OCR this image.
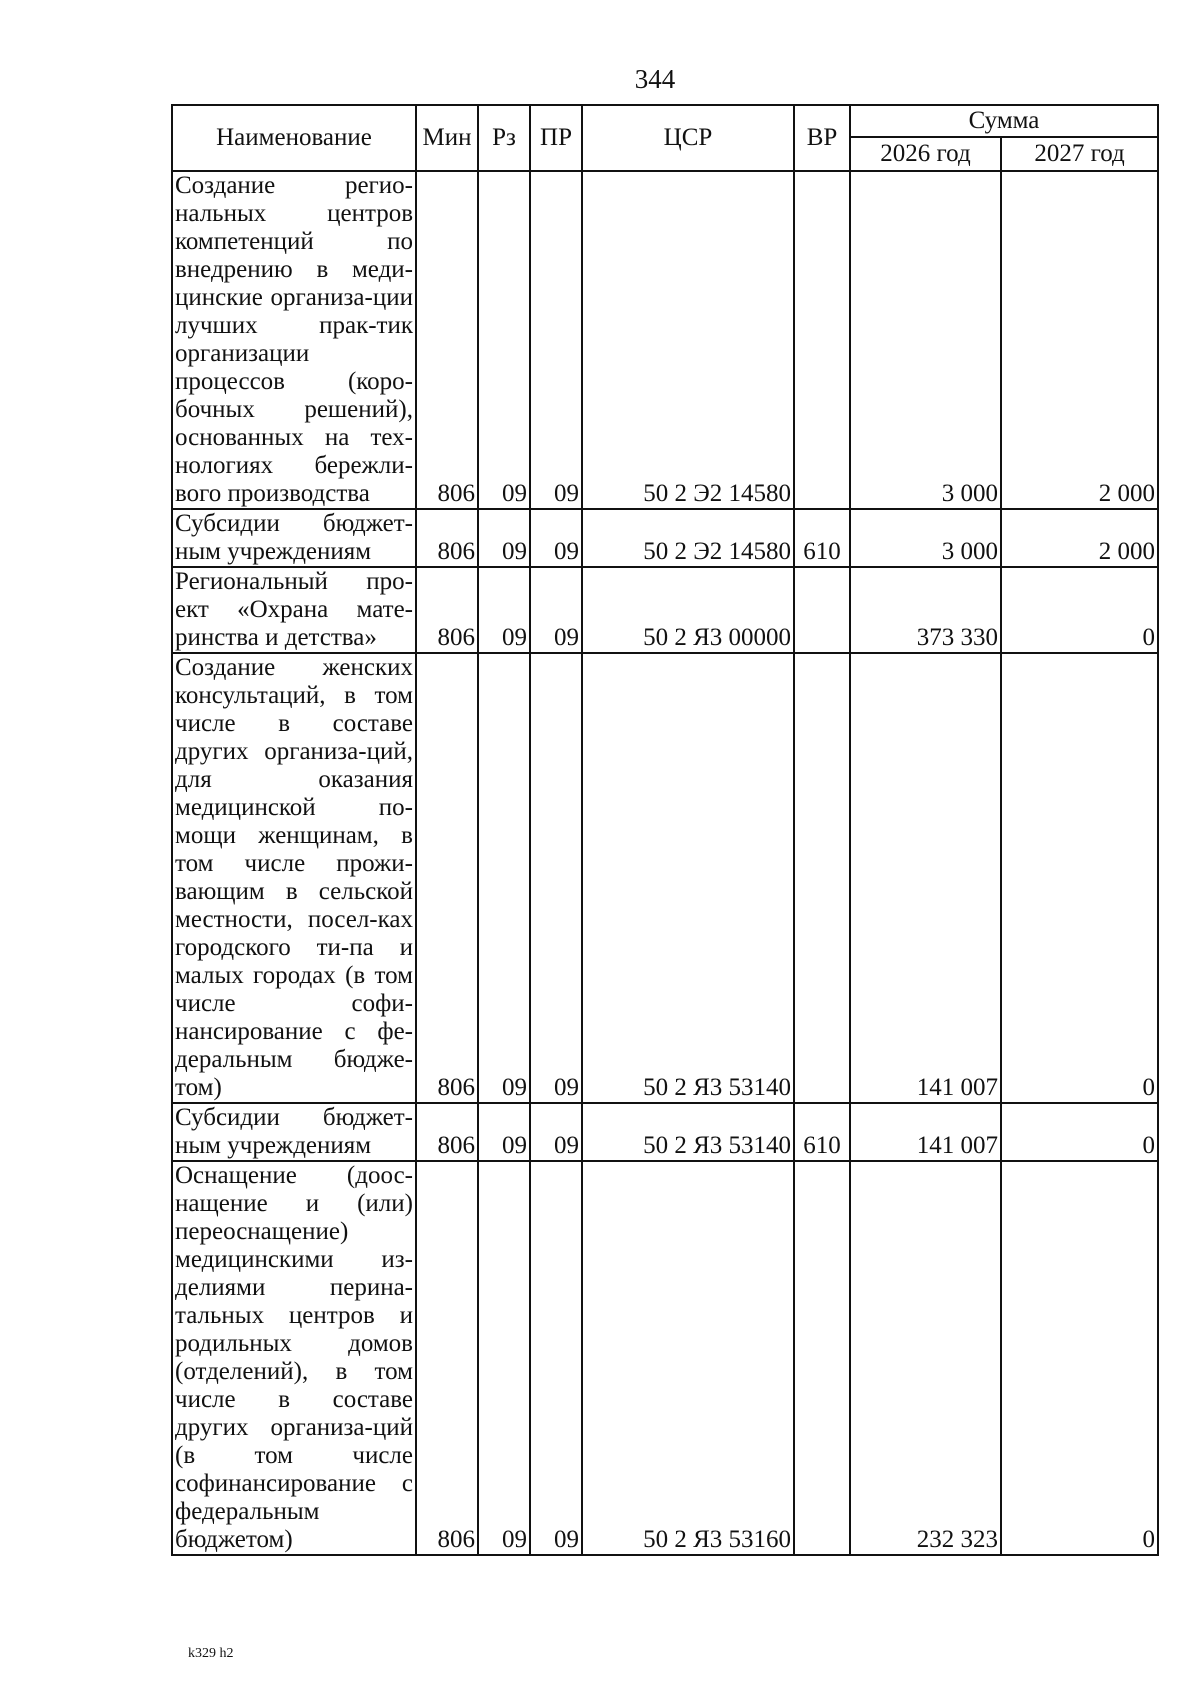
344
Наименование	Мин	Рз	ПР	ЦСР	ВР	Сумма	
						2026 год	2027 год
Создание регио-нальных центров компетенций по внедрению в меди-цинские организа-ции лучших прак-тик организации процессов (коро-бочных решений), основанных на тех-нологиях бережли-вого производства	806	09	09	50 2 Э2 14580		3 000	2 000
Субсидии бюджет-ным учреждениям	806	09	09	50 2 Э2 14580	610	3 000	2 000
Региональный про-ект «Охрана мате-ринства и детства»	806	09	09	50 2 Я3 00000		373 330	0
Создание женских консультаций, в том числе в составе других организа-ций, для оказания медицинской по-мощи женщинам, в том числе прожи-вающим в сельской местности, посел-ках городского ти-па и малых городах (в том числе софи-нансирование с фе-деральным бюдже-том)	806	09	09	50 2 Я3 53140		141 007	0
Субсидии бюджет-ным учреждениям	806	09	09	50 2 Я3 53140	610	141 007	0
Оснащение (доос-нащение и (или) переоснащение) медицинскими из-делиями перина-тальных центров и родильных домов (отделений), в том числе в составе других организа-ций (в том числе софинансирование с федеральным бюджетом)	806	09	09	50 2 Я3 53160		232 323	0
k329 h2
